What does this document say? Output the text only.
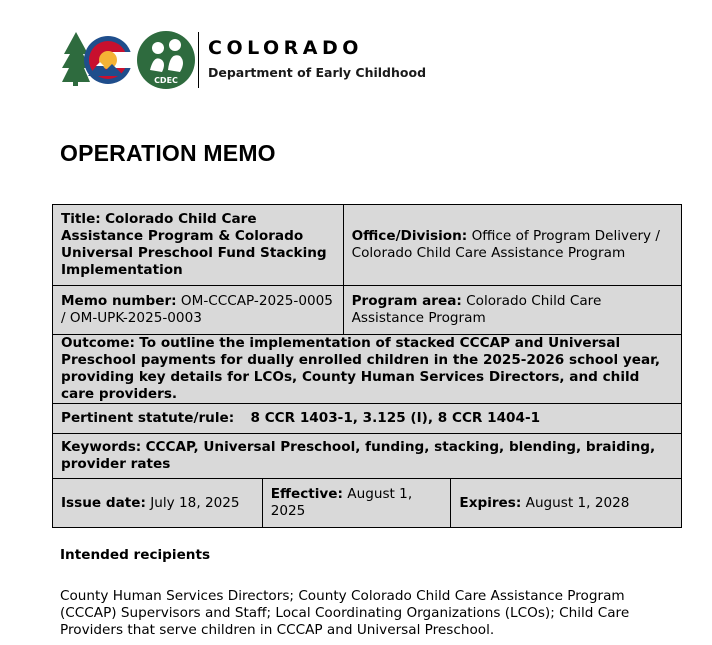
CDEC
COLORADO
Department of Early Childhood
OPERATION MEMO
Title: Colorado Child Care Assistance Program & Colorado Universal Preschool Fund Stacking Implementation		Office/Division: Office of Program Delivery / Colorado Child Care Assistance Program	
Memo number: OM-CCCAP-2025-0005 / OM-UPK-2025-0003		Program area: Colorado Child Care Assistance Program	
Outcome: To outline the implementation of stacked CCCAP and Universal Preschool payments for dually enrolled children in the 2025-2026 school year, providing key details for LCOs, County Human Services Directors, and child care providers.			
Pertinent statute/rule: 8 CCR 1403-1, 3.125 (I), 8 CCR 1404-1			
Keywords: CCCAP, Universal Preschool, funding, stacking, blending, braiding, provider rates			
Issue date: July 18, 2025	Effective: August 1, 2025		Expires: August 1, 2028
Intended recipients

County Human Services Directors; County Colorado Child Care Assistance Program (CCCAP) Supervisors and Staff; Local Coordinating Organizations (LCOs); Child Care Providers that serve children in CCCAP and Universal Preschool.
